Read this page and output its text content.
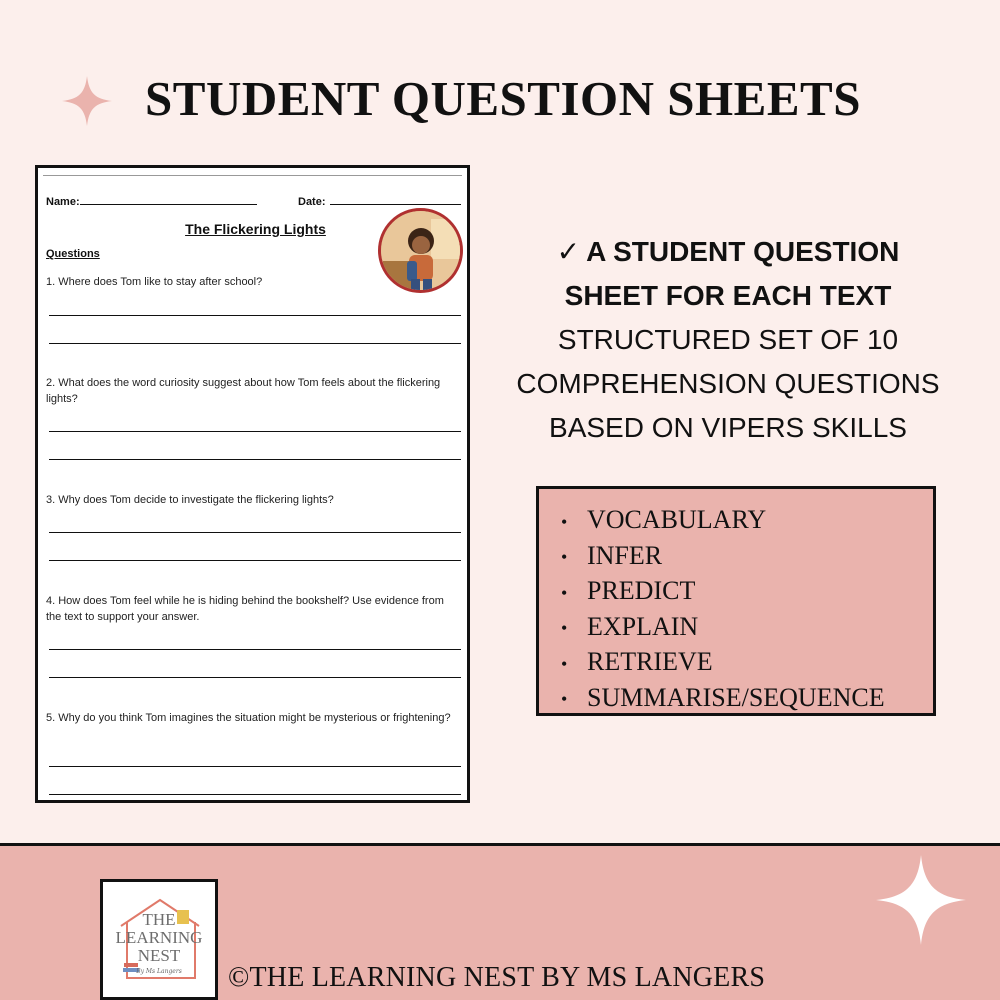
STUDENT QUESTION SHEETS
Name:	Date:
The Flickering Lights
Questions
1. Where does Tom like to stay after school?
2. What does the word curiosity suggest about how Tom feels about the flickering lights?
3. Why does Tom decide to investigate the flickering lights?
4. How does Tom feel while he is hiding behind the bookshelf? Use evidence from the text to support your answer.
5. Why do you think Tom imagines the situation might be mysterious or frightening?
✓ A STUDENT QUESTION
SHEET FOR EACH TEXT
STRUCTURED SET OF 10
COMPREHENSION QUESTIONS
BASED ON VIPERS SKILLS
• VOCABULARY
• INFER
• PREDICT
• EXPLAIN
• RETRIEVE
• SUMMARISE/SEQUENCE
THE
LEARNING
NEST
By Ms Langers	©THE LEARNING NEST BY MS LANGERS
